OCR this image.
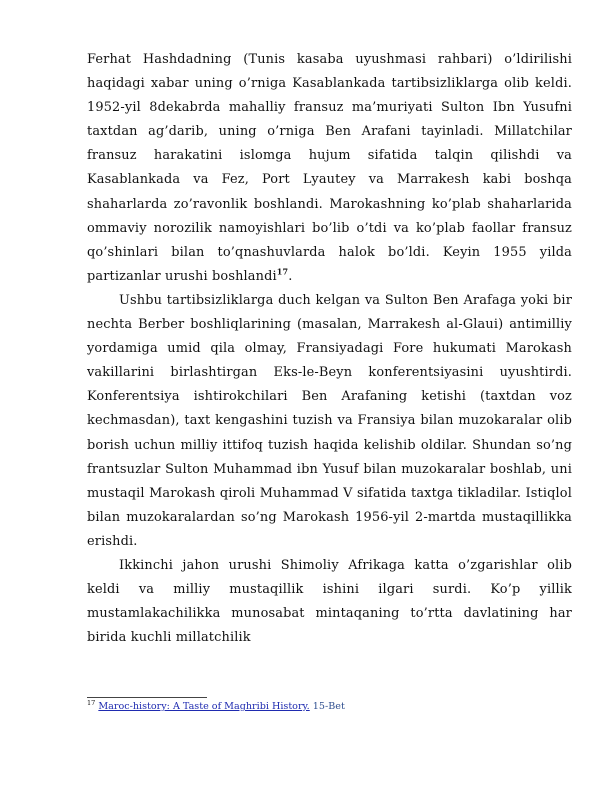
Ferhat Hashdadning (Tunis kasaba uyushmasi rahbari) o’ldirilishi haqidagi xabar uning o’rniga Kasablankada tartibsizliklarga olib keldi. 1952-yil 8dekabrda mahalliy fransuz ma’muriyati Sulton Ibn Yusufni taxtdan ag’darib, uning o’rniga Ben Arafani tayinladi. Millatchilar fransuz harakatini islomga hujum sifatida talqin qilishdi va Kasablankada va Fez, Port Lyautey va Marrakesh kabi boshqa shaharlarda zo’ravonlik boshlandi. Marokashning ko’plab shaharlarida ommaviy norozilik namoyishlari bo’lib o’tdi va ko’plab faollar fransuz qo’shinlari bilan to’qnashuvlarda halok bo’ldi. Keyin 1955 yilda partizanlar urushi boshlandi$^{17}$.

Ushbu tartibsizliklarga duch kelgan va Sulton Ben Arafaga yoki bir nechta Berber boshliqlarining (masalan, Marrakesh al-Glaui) antimilliy yordamiga umid qila olmay, Fransiyadagi Fore hukumati Marokash vakillarini birlashtirgan Eks-le-Beyn konferentsiyasini uyushtirdi. Konferentsiya ishtirokchilari Ben Arafaning ketishi (taxtdan voz kechmasdan), taxt kengashini tuzish va Fransiya bilan muzokaralar olib borish uchun milliy ittifoq tuzish haqida kelishib oldilar. Shundan so’ng frantsuzlar Sulton Muhammad ibn Yusuf bilan muzokaralar boshlab, uni mustaqil Marokash qiroli Muhammad V sifatida taxtga tikladilar. Istiqlol bilan muzokaralardan so’ng Marokash 1956-yil 2-martda mustaqillikka erishdi.

Ikkinchi jahon urushi Shimoliy Afrikaga katta o’zgarishlar olib keldi va milliy mustaqillik ishini ilgari surdi. Ko’p yillik mustamlakachilikka munosabat mintaqaning to’rtta davlatining har birida kuchli millatchilik

$^{17}$ Maroc-history: A Taste of Maghribi History. 15-Bet
